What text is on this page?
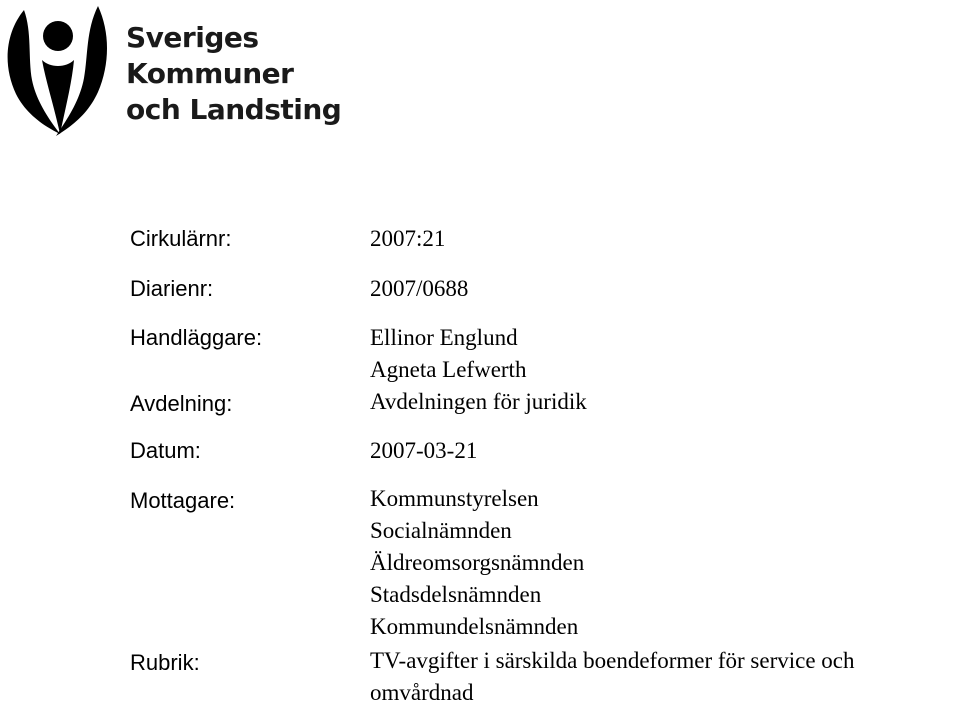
Sveriges
Kommuner
och Landsting
Cirkulärnr:	2007:21
Diarienr:	2007/0688
Handläggare:	Ellinor Englund
Agneta Lefwerth
Avdelning:	Avdelningen för juridik
Datum:	2007-03-21
Mottagare:	Kommunstyrelsen
Socialnämnden
Äldreomsorgsnämnden
Stadsdelsnämnden
Kommundelsnämnden
Rubrik:	TV-avgifter i särskilda boendeformer för service och
omvårdnad
